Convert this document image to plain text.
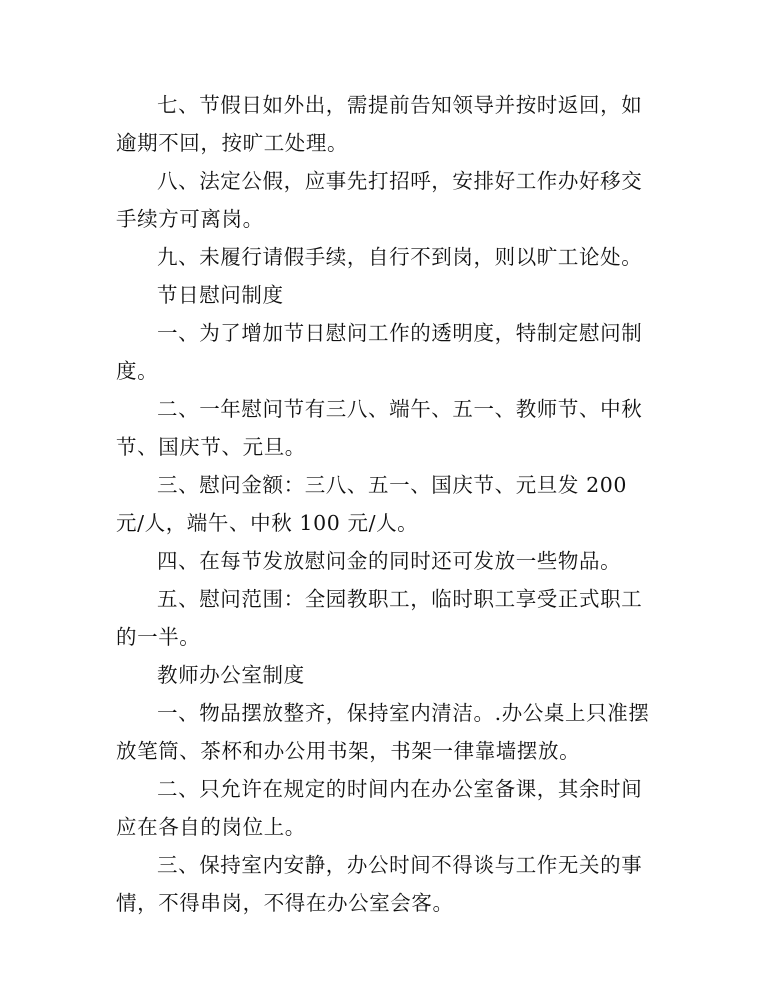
七、节假日如外出，需提前告知领导并按时返回，如逾期不回，按旷工处理。

八、法定公假，应事先打招呼，安排好工作办好移交手续方可离岗。

九、未履行请假手续，自行不到岗，则以旷工论处。

节日慰问制度

一、为了增加节日慰问工作的透明度，特制定慰问制度。

二、一年慰问节有三八、端午、五一、教师节、中秋节、国庆节、元旦。

三、慰问金额：三八、五一、国庆节、元旦发 200 元/人，端午、中秋 100 元/人。

四、在每节发放慰问金的同时还可发放一些物品。

五、慰问范围：全园教职工，临时职工享受正式职工的一半。

教师办公室制度

一、物品摆放整齐，保持室内清洁。.办公桌上只准摆放笔筒、茶杯和办公用书架，书架一律靠墙摆放。

二、只允许在规定的时间内在办公室备课，其余时间应在各自的岗位上。

三、保持室内安静，办公时间不得谈与工作无关的事情，不得串岗，不得在办公室会客。
